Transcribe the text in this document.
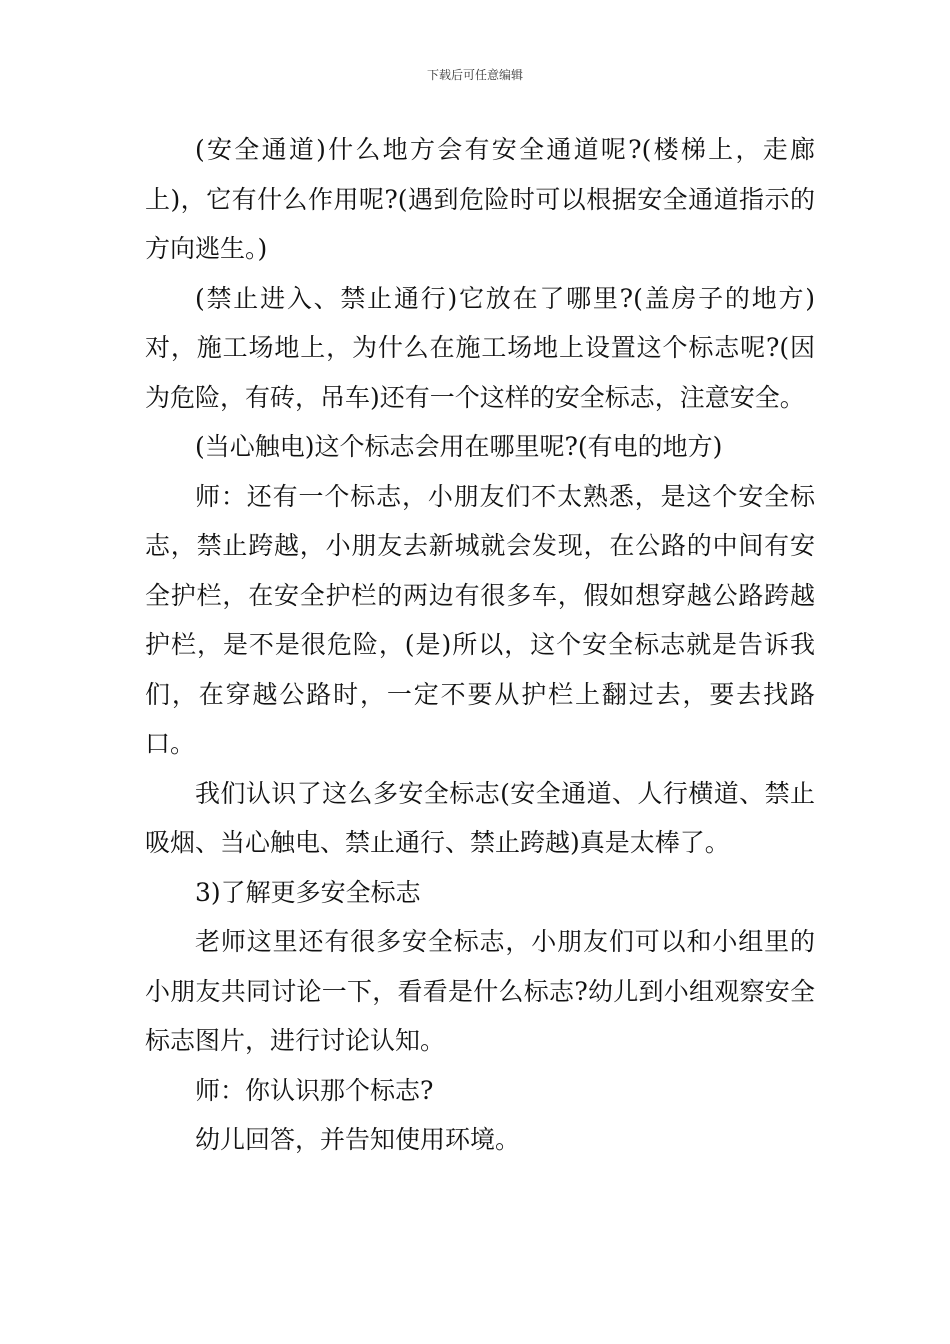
下载后可任意编辑

(安全通道)什么地方会有安全通道呢?(楼梯上，走廊上)，它有什么作用呢?(遇到危险时可以根据安全通道指示的方向逃生。)

(禁止进入、禁止通行)它放在了哪里?(盖房子的地方)对，施工场地上，为什么在施工场地上设置这个标志呢?(因为危险，有砖，吊车)还有一个这样的安全标志，注意安全。

(当心触电)这个标志会用在哪里呢?(有电的地方)

师：还有一个标志，小朋友们不太熟悉，是这个安全标志，禁止跨越，小朋友去新城就会发现，在公路的中间有安全护栏，在安全护栏的两边有很多车，假如想穿越公路跨越护栏，是不是很危险，(是)所以，这个安全标志就是告诉我们，在穿越公路时，一定不要从护栏上翻过去，要去找路口。

我们认识了这么多安全标志(安全通道、人行横道、禁止吸烟、当心触电、禁止通行、禁止跨越)真是太棒了。

3)了解更多安全标志

老师这里还有很多安全标志，小朋友们可以和小组里的小朋友共同讨论一下，看看是什么标志?幼儿到小组观察安全标志图片，进行讨论认知。

师：你认识那个标志?

幼儿回答，并告知使用环境。
